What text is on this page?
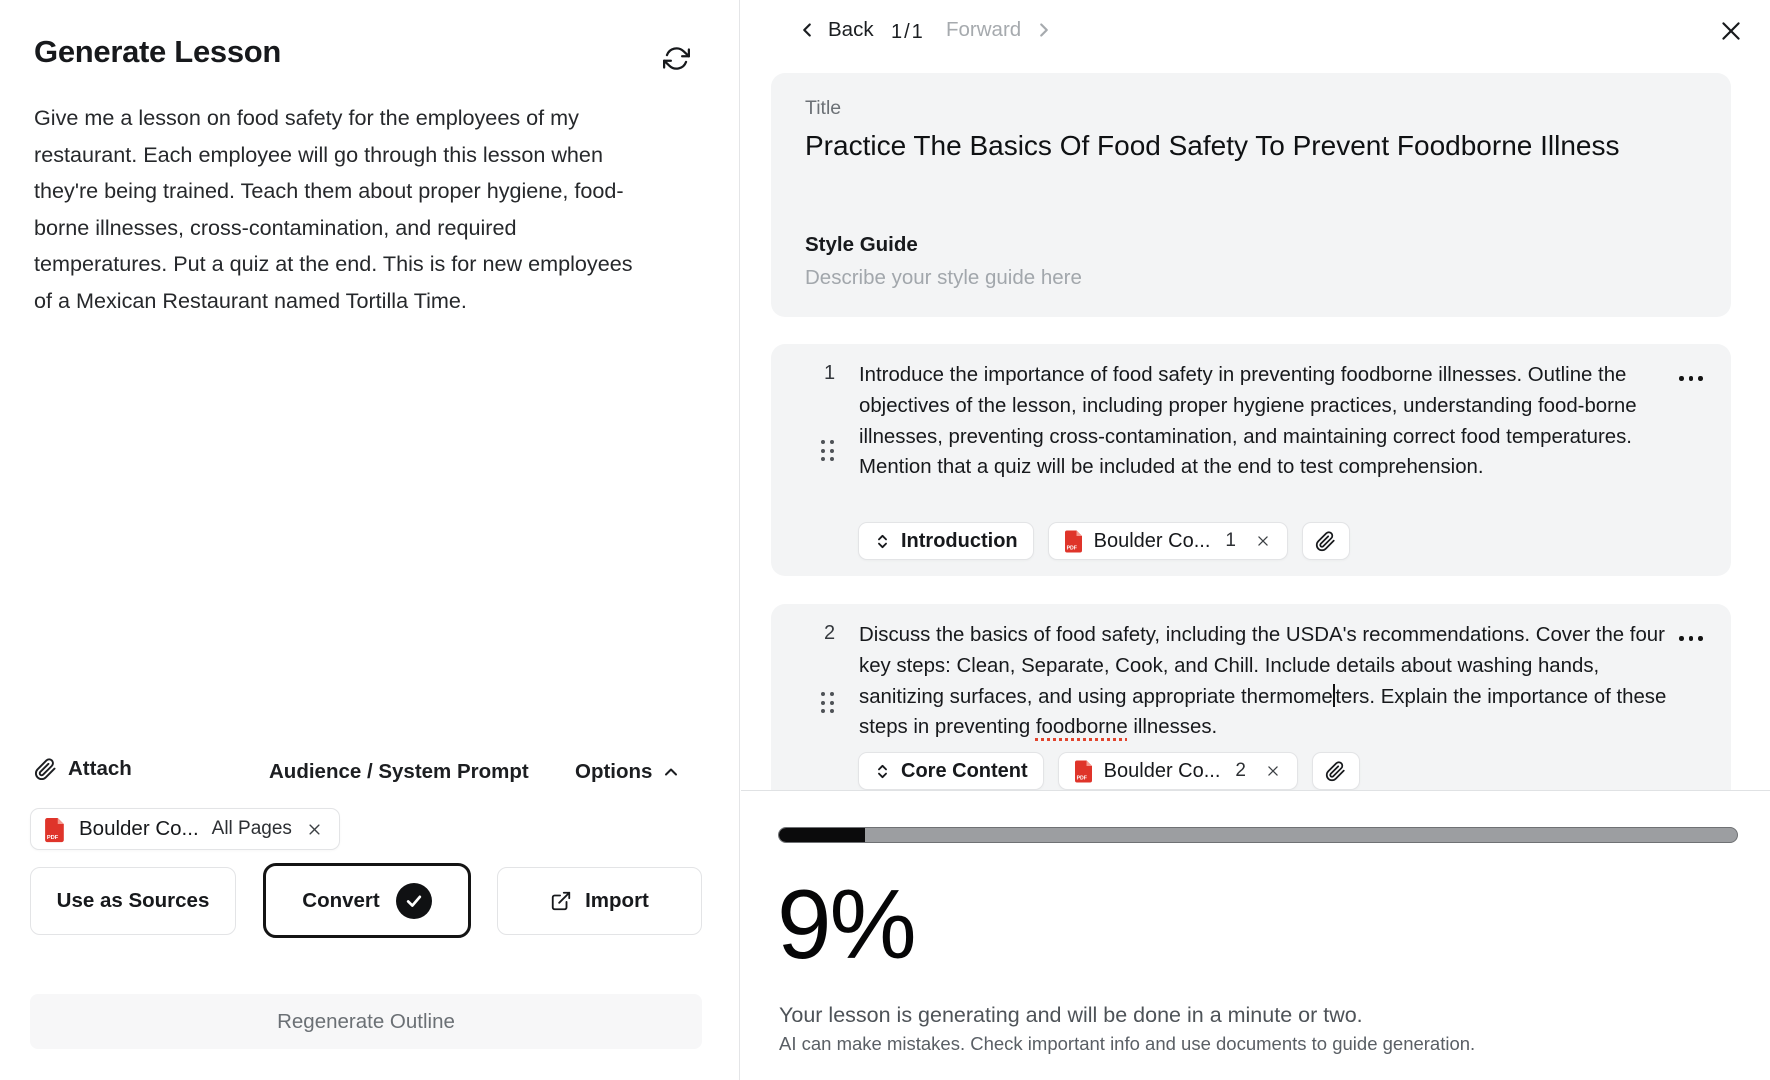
Generate Lesson
Give me a lesson on food safety for the employees of my restaurant. Each employee will go through this lesson when they're being trained. Teach them about proper hygiene, food-borne illnesses, cross-contamination, and required temperatures. Put a quiz at the end. This is for new employees of a Mexican Restaurant named Tortilla Time.
Attach	Audience / System Prompt Options
PDF Boulder Co... All Pages
Use as Sources	Convert	Import
Regenerate Outline
Back 1/1 Forward
Title
Practice The Basics Of Food Safety To Prevent Foodborne Illness
Style Guide
Describe your style guide here
1 Introduce the importance of food safety in preventing foodborne illnesses. Outline the objectives of the lesson, including proper hygiene practices, understanding food-borne illnesses, preventing cross-contamination, and maintaining correct food temperatures. Mention that a quiz will be included at the end to test comprehension.
Introduction	PDF Boulder Co... 1
2 Discuss the basics of food safety, including the USDA's recommendations. Cover the four key steps: Clean, Separate, Cook, and Chill. Include details about washing hands, sanitizing surfaces, and using appropriate thermome ters. Explain the importance of these steps in preventing foodborne illnesses.
Core Content	PDF Boulder Co... 2
9%
Your lesson is generating and will be done in a minute or two.
AI can make mistakes. Check important info and use documents to guide generation.
